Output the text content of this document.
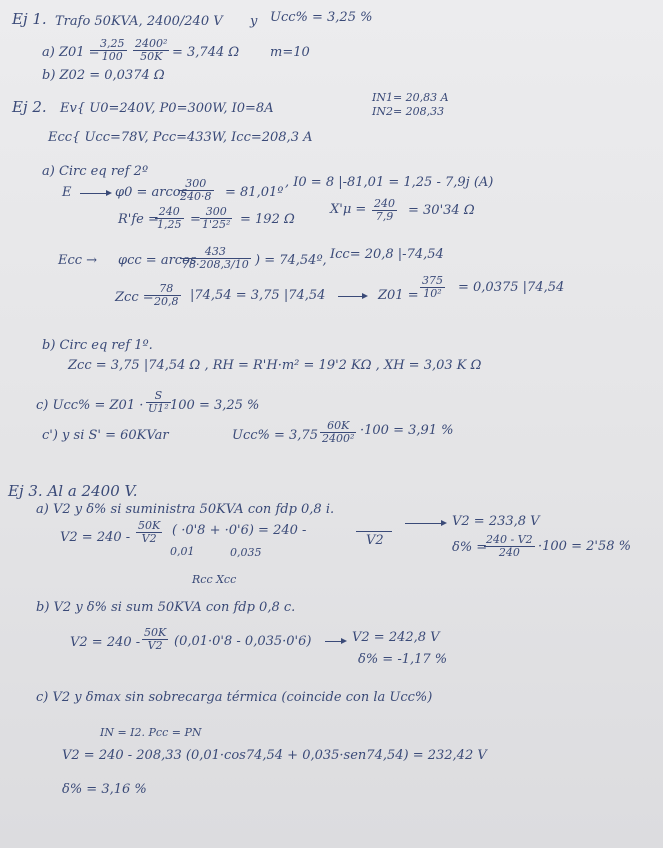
Ej 1. Trafo 50KVA, 2400/240 V y Ucc% = 3,25 %
a) Z01 =
$\frac{3,25}{100} \frac{\text{2400²}}{50K} = 3,744$ Ω m=10
b) Z02 = 0,0374 Ω
Ej 2. Ev{ U0=240V, P0=300W, I0=8A
IN1= 20,83 A
IN2= 208,33
Ecc{ Ucc=78V, Pcc=433W, Icc=208,3 A
a) Circ eq ref 2º
E	φ0 = arcos
$\frac{300}{240\cdot 8}$ = 81,01º
, I0 = 8 |-81,01 = 1,25 - 7,9j (A)
R'fe =
$\frac{240}{1,25} = \frac{300}{\text{1'25²}} = 192$ Ω
$X'\mu = \frac{240}{7,9} = 30'34$ Ω
Ecc → φcc = arcos
$\frac{433}{78\cdot 208,3/10}$ ) = 74,54º, Icc= 20,8 |-74,54
Zcc =
$\frac{78}{20,8} |74,54 = 3,75$ |74,54	$Z01 = \frac{375}{\text{10²}} = 0,0375$ |74,54
b) Circ eq ref 1º.
Zcc = 3,75 |74,54 Ω , RH = R'H·m² = 19'2 KΩ , XH = 3,03 K Ω
c) $Ucc\% = Z01 \cdot \frac{S}{\text{U1²}} 100 = 3,25$ %
c') y si S' = 60KVar	$Ucc\% = 3,75 \frac{60K}{\text{2400²}} \cdot 100 = 3,91$ %
Ej 3. Al a 2400 V.
a) V2 y δ% si suministra 50KVA con fdp 0,8 i.
$V2 = 240 - \frac{50K}{V2}$ ( ·0'8 + ·0'6) = 240 -
V2
V2 = 233,8 V
δ% =
$\frac{240 - V2}{240} \cdot 100 = 2'58$ %
0,01	0,035
Rcc Xcc
b) V2 y δ% si sum 50KVA con fdp 0,8 c.
$V2 = 240 - \frac{50K}{V2} (0,01\cdot 0'8 - 0,035\cdot 0'6)$	V2 = 242,8 V
δ% = -1,17 %
c) V2 y δmax sin sobrecarga térmica (coincide con la Ucc%)
IN = I2. Pcc = PN
V2 = 240 - 208,33 (0,01·cos74,54 + 0,035·sen74,54) = 232,42 V
δ% = 3,16 %
